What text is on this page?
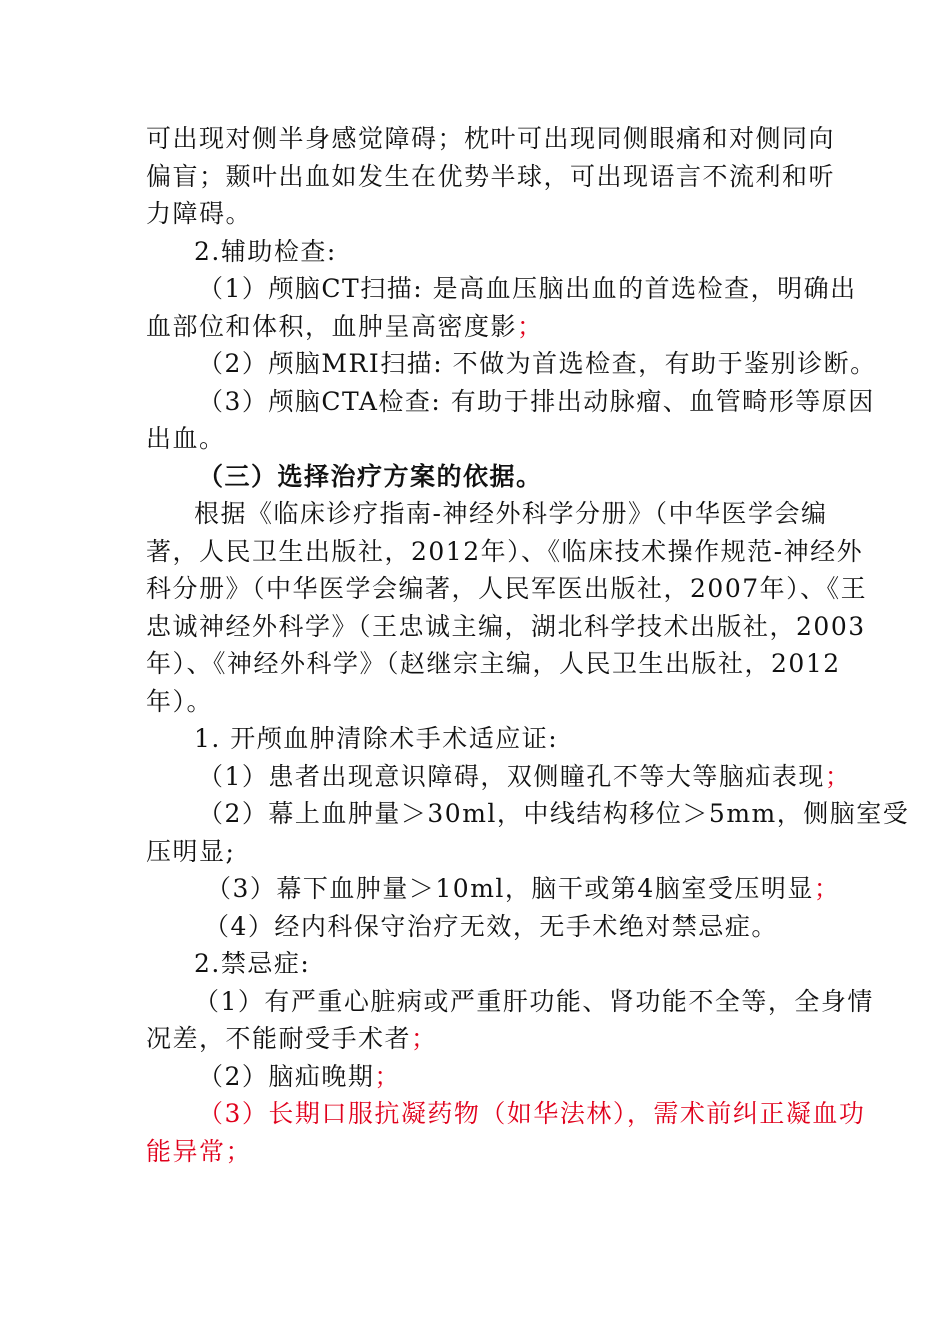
可出现对侧半身感觉障碍；枕叶可出现同侧眼痛和对侧同向
偏盲；颞叶出血如发生在优势半球，可出现语言不流利和听
力障碍。
2.辅助检查:
（1）颅脑CT扫描: 是高血压脑出血的首选检查，明确出
血部位和体积，血肿呈高密度影；
（2）颅脑MRI扫描: 不做为首选检查，有助于鉴别诊断。
（3）颅脑CTA检查: 有助于排出动脉瘤、血管畸形等原因
出血。
（三）选择治疗方案的依据。
根据《临床诊疗指南-神经外科学分册》（中华医学会编
著，人民卫生出版社，2012年）、《临床技术操作规范-神经外
科分册》（中华医学会编著，人民军医出版社，2007年）、《王
忠诚神经外科学》（王忠诚主编，湖北科学技术出版社，2003
年）、《神经外科学》（赵继宗主编，人民卫生出版社，2012
年）。
1. 开颅血肿清除术手术适应证:
（1）患者出现意识障碍，双侧瞳孔不等大等脑疝表现；
（2）幕上血肿量＞30ml，中线结构移位＞5mm，侧脑室受
压明显;
（3）幕下血肿量＞10ml，脑干或第4脑室受压明显；
（4）经内科保守治疗无效，无手术绝对禁忌症。
2.禁忌症:
（1）有严重心脏病或严重肝功能、肾功能不全等，全身情
况差，不能耐受手术者；
（2）脑疝晚期；
（3）长期口服抗凝药物（如华法林），需术前纠正凝血功
能异常；
